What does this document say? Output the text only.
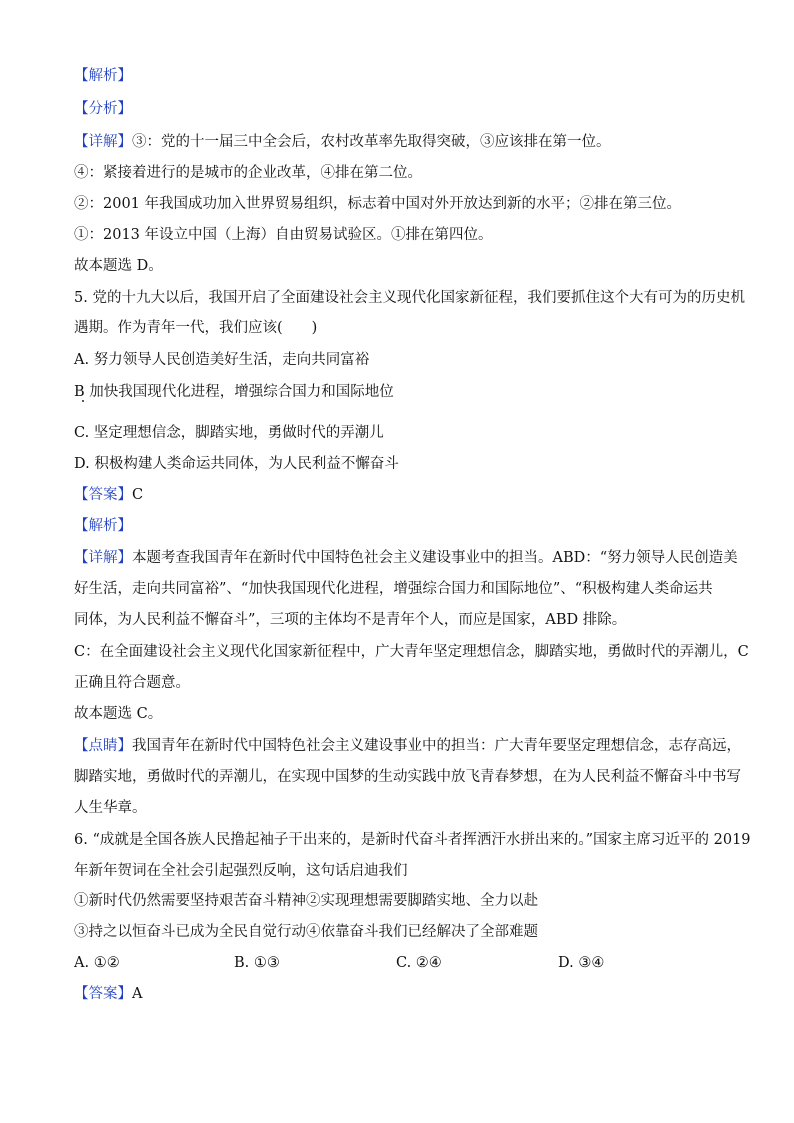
【解析】
【分析】
【详解】③：党的十一届三中全会后，农村改革率先取得突破，③应该排在第一位。
④：紧接着进行的是城市的企业改革，④排在第二位。
②：2001 年我国成功加入世界贸易组织，标志着中国对外开放达到新的水平；②排在第三位。
①：2013 年设立中国（上海）自由贸易试验区。①排在第四位。
故本题选 D。
5. 党的十九大以后，我国开启了全面建设社会主义现代化国家新征程，我们要抓住这个大有可为的历史机
遇期。作为青年一代，我们应该(　　)
A. 努力领导人民创造美好生活，走向共同富裕
B 加快我国现代化进程，增强综合国力和国际地位
C. 坚定理想信念，脚踏实地，勇做时代的弄潮儿
D. 积极构建人类命运共同体，为人民利益不懈奋斗
【答案】C
【解析】
【详解】本题考查我国青年在新时代中国特色社会主义建设事业中的担当。ABD：“努力领导人民创造美
好生活，走向共同富裕”、“加快我国现代化进程，增强综合国力和国际地位”、“积极构建人类命运共
同体，为人民利益不懈奋斗”，三项的主体均不是青年个人，而应是国家，ABD 排除。
C：在全面建设社会主义现代化国家新征程中，广大青年坚定理想信念，脚踏实地，勇做时代的弄潮儿，C
正确且符合题意。
故本题选 C。
【点睛】我国青年在新时代中国特色社会主义建设事业中的担当：广大青年要坚定理想信念，志存高远，
脚踏实地，勇做时代的弄潮儿，在实现中国梦的生动实践中放飞青春梦想，在为人民利益不懈奋斗中书写
人生华章。
6. “成就是全国各族人民撸起袖子干出来的，是新时代奋斗者挥洒汗水拼出来的。”国家主席习近平的 2019
年新年贺词在全社会引起强烈反响，这句话启迪我们
①新时代仍然需要坚持艰苦奋斗精神②实现理想需要脚踏实地、全力以赴
③持之以恒奋斗已成为全民自觉行动④依靠奋斗我们已经解决了全部难题
A. ①②	B. ①③	C. ②④	D. ③④
【答案】A
